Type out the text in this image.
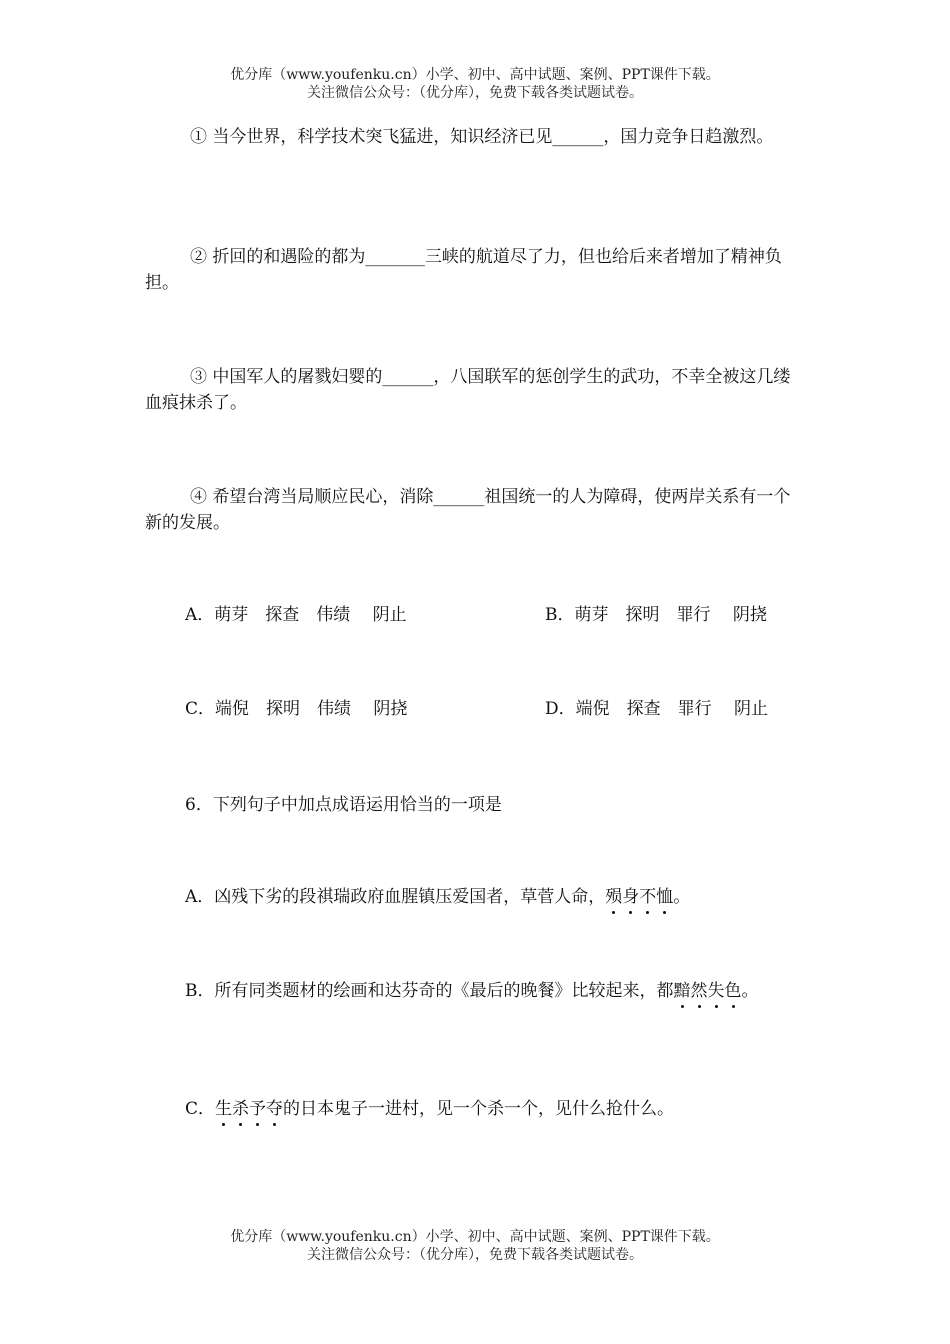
优分库（www.youfenku.cn）小学、初中、高中试题、案例、PPT课件下载。
关注微信公众号：（优分库），免费下载各类试题试卷。
① 当今世界，科学技术突飞猛进，知识经济已见______，国力竞争日趋激烈。
② 折回的和遇险的都为_______三峡的航道尽了力，但也给后来者增加了精神负担。
③ 中国军人的屠戮妇婴的______，八国联军的惩创学生的武功，不幸全被这几缕血痕抹杀了。
④ 希望台湾当局顺应民心，消除______祖国统一的人为障碍，使两岸关系有一个新的发展。
A．萌芽　探查　伟绩　 阴止	B．萌芽　探明　罪行　 阴挠
C．端倪　探明　伟绩　 阴挠	D．端倪　探查　罪行　 阴止
6．下列句子中加点成语运用恰当的一项是
A．凶残下劣的段祺瑞政府血腥镇压爱国者，草菅人命，殒身不恤。
B．所有同类题材的绘画和达芬奇的《最后的晚餐》比较起来，都黯然失色。
C．生杀予夺的日本鬼子一进村，见一个杀一个，见什么抢什么。
优分库（www.youfenku.cn）小学、初中、高中试题、案例、PPT课件下载。
关注微信公众号：（优分库），免费下载各类试题试卷。
